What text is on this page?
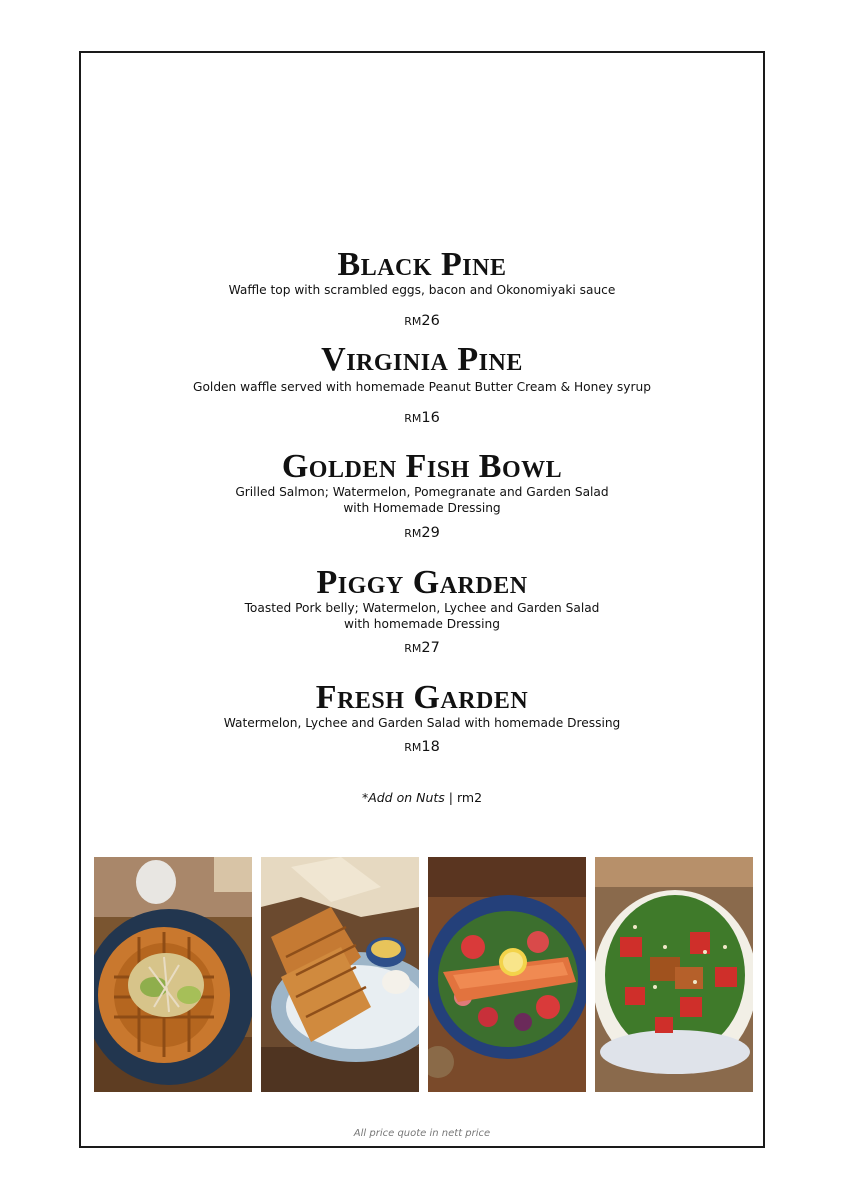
Black Pine

Waffle top with scrambled eggs, bacon and Okonomiyaki sauce

RM26
Virginia Pine

Golden waffle served with homemade Peanut Butter Cream & Honey syrup

RM16
Golden Fish Bowl

Grilled Salmon; Watermelon, Pomegranate and Garden Salad

with Homemade Dressing

RM29
Piggy Garden

Toasted Pork belly; Watermelon, Lychee and Garden Salad

with homemade Dressing

RM27
Fresh Garden

Watermelon, Lychee and Garden Salad with homemade Dressing

RM18
*Add on Nuts | rm2
All price quote in nett price
